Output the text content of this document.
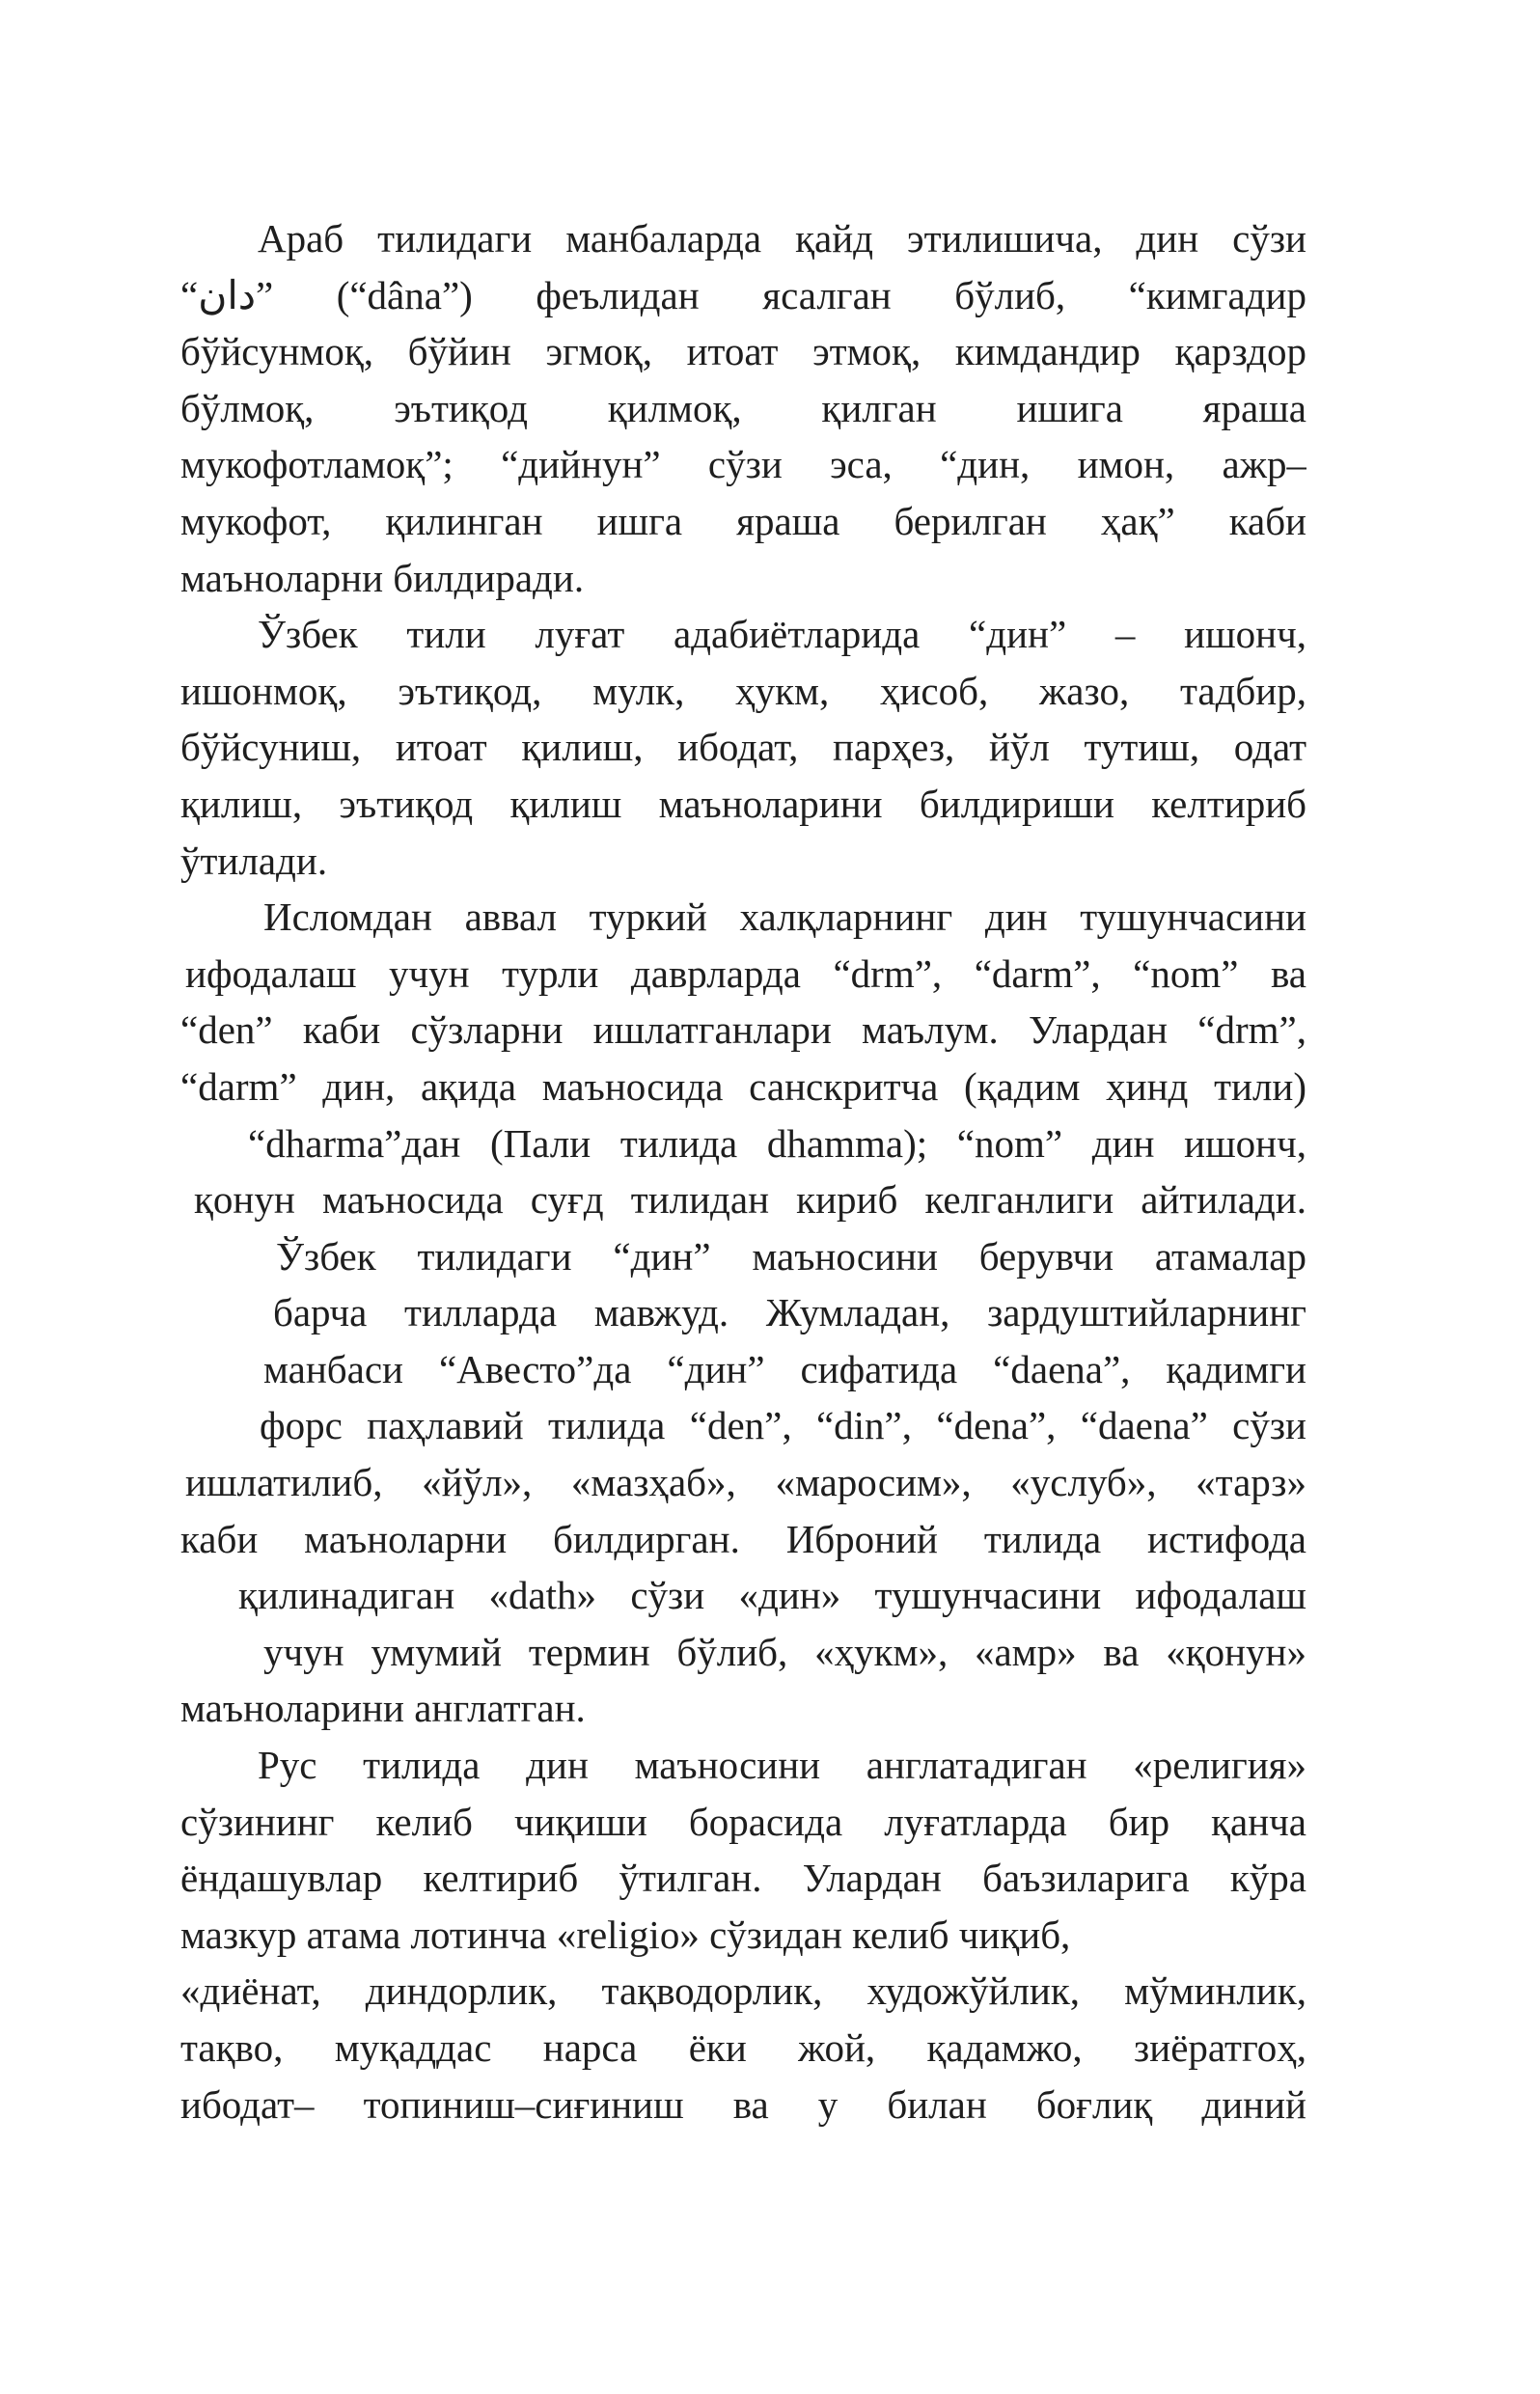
Араб тилидаги манбаларда қайд этилишича, дин сўзи
“دان” (“dâna”) феълидан ясалган бўлиб, “кимгадир
бўйсунмоқ, бўйин эгмоқ, итоат этмоқ, кимдандир қарздор
бўлмоқ, эътиқод қилмоқ, қилган ишига яраша
мукофотламоқ”; “дийнун” сўзи эса, “дин, имон, ажр–
мукофот, қилинган ишга яраша берилган ҳақ” каби
маъноларни билдиради.
Ўзбек тили луғат адабиётларида “дин” – ишонч,
ишонмоқ, эътиқод, мулк, ҳукм, ҳисоб, жазо, тадбир,
бўйсуниш, итоат қилиш, ибодат, парҳез, йўл тутиш, одат
қилиш, эътиқод қилиш маъноларини билдириши келтириб
ўтилади.
Исломдан аввал туркий халқларнинг дин тушунчасини
ифодалаш учун турли даврларда “drm”, “darm”, “nom” ва
“den” каби сўзларни ишлатганлари маълум. Улардан “drm”,
“darm” дин, ақида маъносида санскритча (қадим ҳинд тили)
“dharma”дан (Пали тилида dhamma); “nom” дин ишонч,
қонун маъносида суғд тилидан кириб келганлиги айтилади.
Ўзбек тилидаги “дин” маъносини берувчи атамалар
барча тилларда мавжуд. Жумладан, зардуштийларнинг
манбаси “Авесто”да “дин” сифатида “daena”, қадимги
форс паҳлавий тилида “den”, “din”, “dena”, “daena” сўзи
ишлатилиб, «йўл», «мазҳаб», «маросим», «услуб», «тарз»
каби маъноларни билдирган. Иброний тилида истифода
қилинадиган «dath» сўзи «дин» тушунчасини ифодалаш
учун умумий термин бўлиб, «ҳукм», «амр» ва «қонун»
маъноларини англатган.
Рус тилида дин маъносини англатадиган «религия»
сўзининг келиб чиқиши борасида луғатларда бир қанча
ёндашувлар келтириб ўтилган. Улардан баъзиларига кўра
мазкур атама лотинча «religio» сўзидан келиб чиқиб,
«диёнат, диндорлик, тақводорлик, художўйлик, мўминлик,
тақво, муқаддас нарса ёки жой, қадамжо, зиёратгоҳ,
ибодат– топиниш–сиғиниш ва у билан боғлиқ диний
